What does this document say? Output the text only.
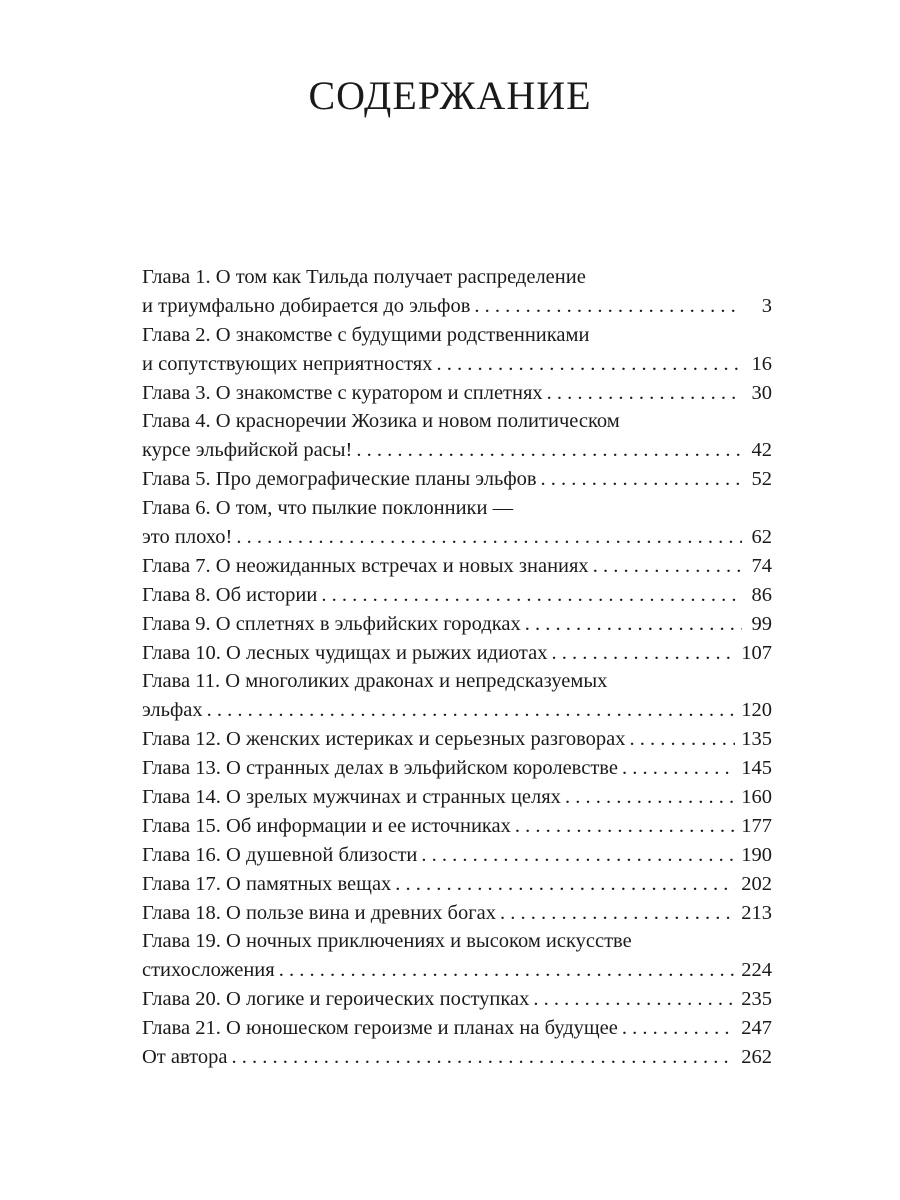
СОДЕРЖАНИЕ
Глава 1. О том как Тильда получает распределение
и триумфально добирается до эльфов . . .	3
Глава 2. О знакомстве с будущими родственниками
и сопутствующих неприятностях . . .	16
Глава 3. О знакомстве с куратором и сплетнях . . .	30
Глава 4. О красноречии Жозика и новом политическом
курсе эльфийской расы! . . .	42
Глава 5. Про демографические планы эльфов . . .	52
Глава 6. О том, что пылкие поклонники —
это плохо! . . .	62
Глава 7. О неожиданных встречах и новых знаниях . . .	74
Глава 8. Об истории . . .	86
Глава 9. О сплетнях в эльфийских городках . . .	99
Глава 10. О лесных чудищах и рыжих идиотах . . .	107
Глава 11. О многоликих драконах и непредсказуемых
эльфах . . .	120
Глава 12. О женских истериках и серьезных разговорах . . .	135
Глава 13. О странных делах в эльфийском королевстве . . .	145
Глава 14. О зрелых мужчинах и странных целях . . .	160
Глава 15. Об информации и ее источниках . . .	177
Глава 16. О душевной близости . . .	190
Глава 17. О памятных вещах . . .	202
Глава 18. О пользе вина и древних богах . . .	213
Глава 19. О ночных приключениях и высоком искусстве
стихосложения . . .	224
Глава 20. О логике и героических поступках . . .	235
Глава 21. О юношеском героизме и планах на будущее . . .	247
От автора . . .	262
